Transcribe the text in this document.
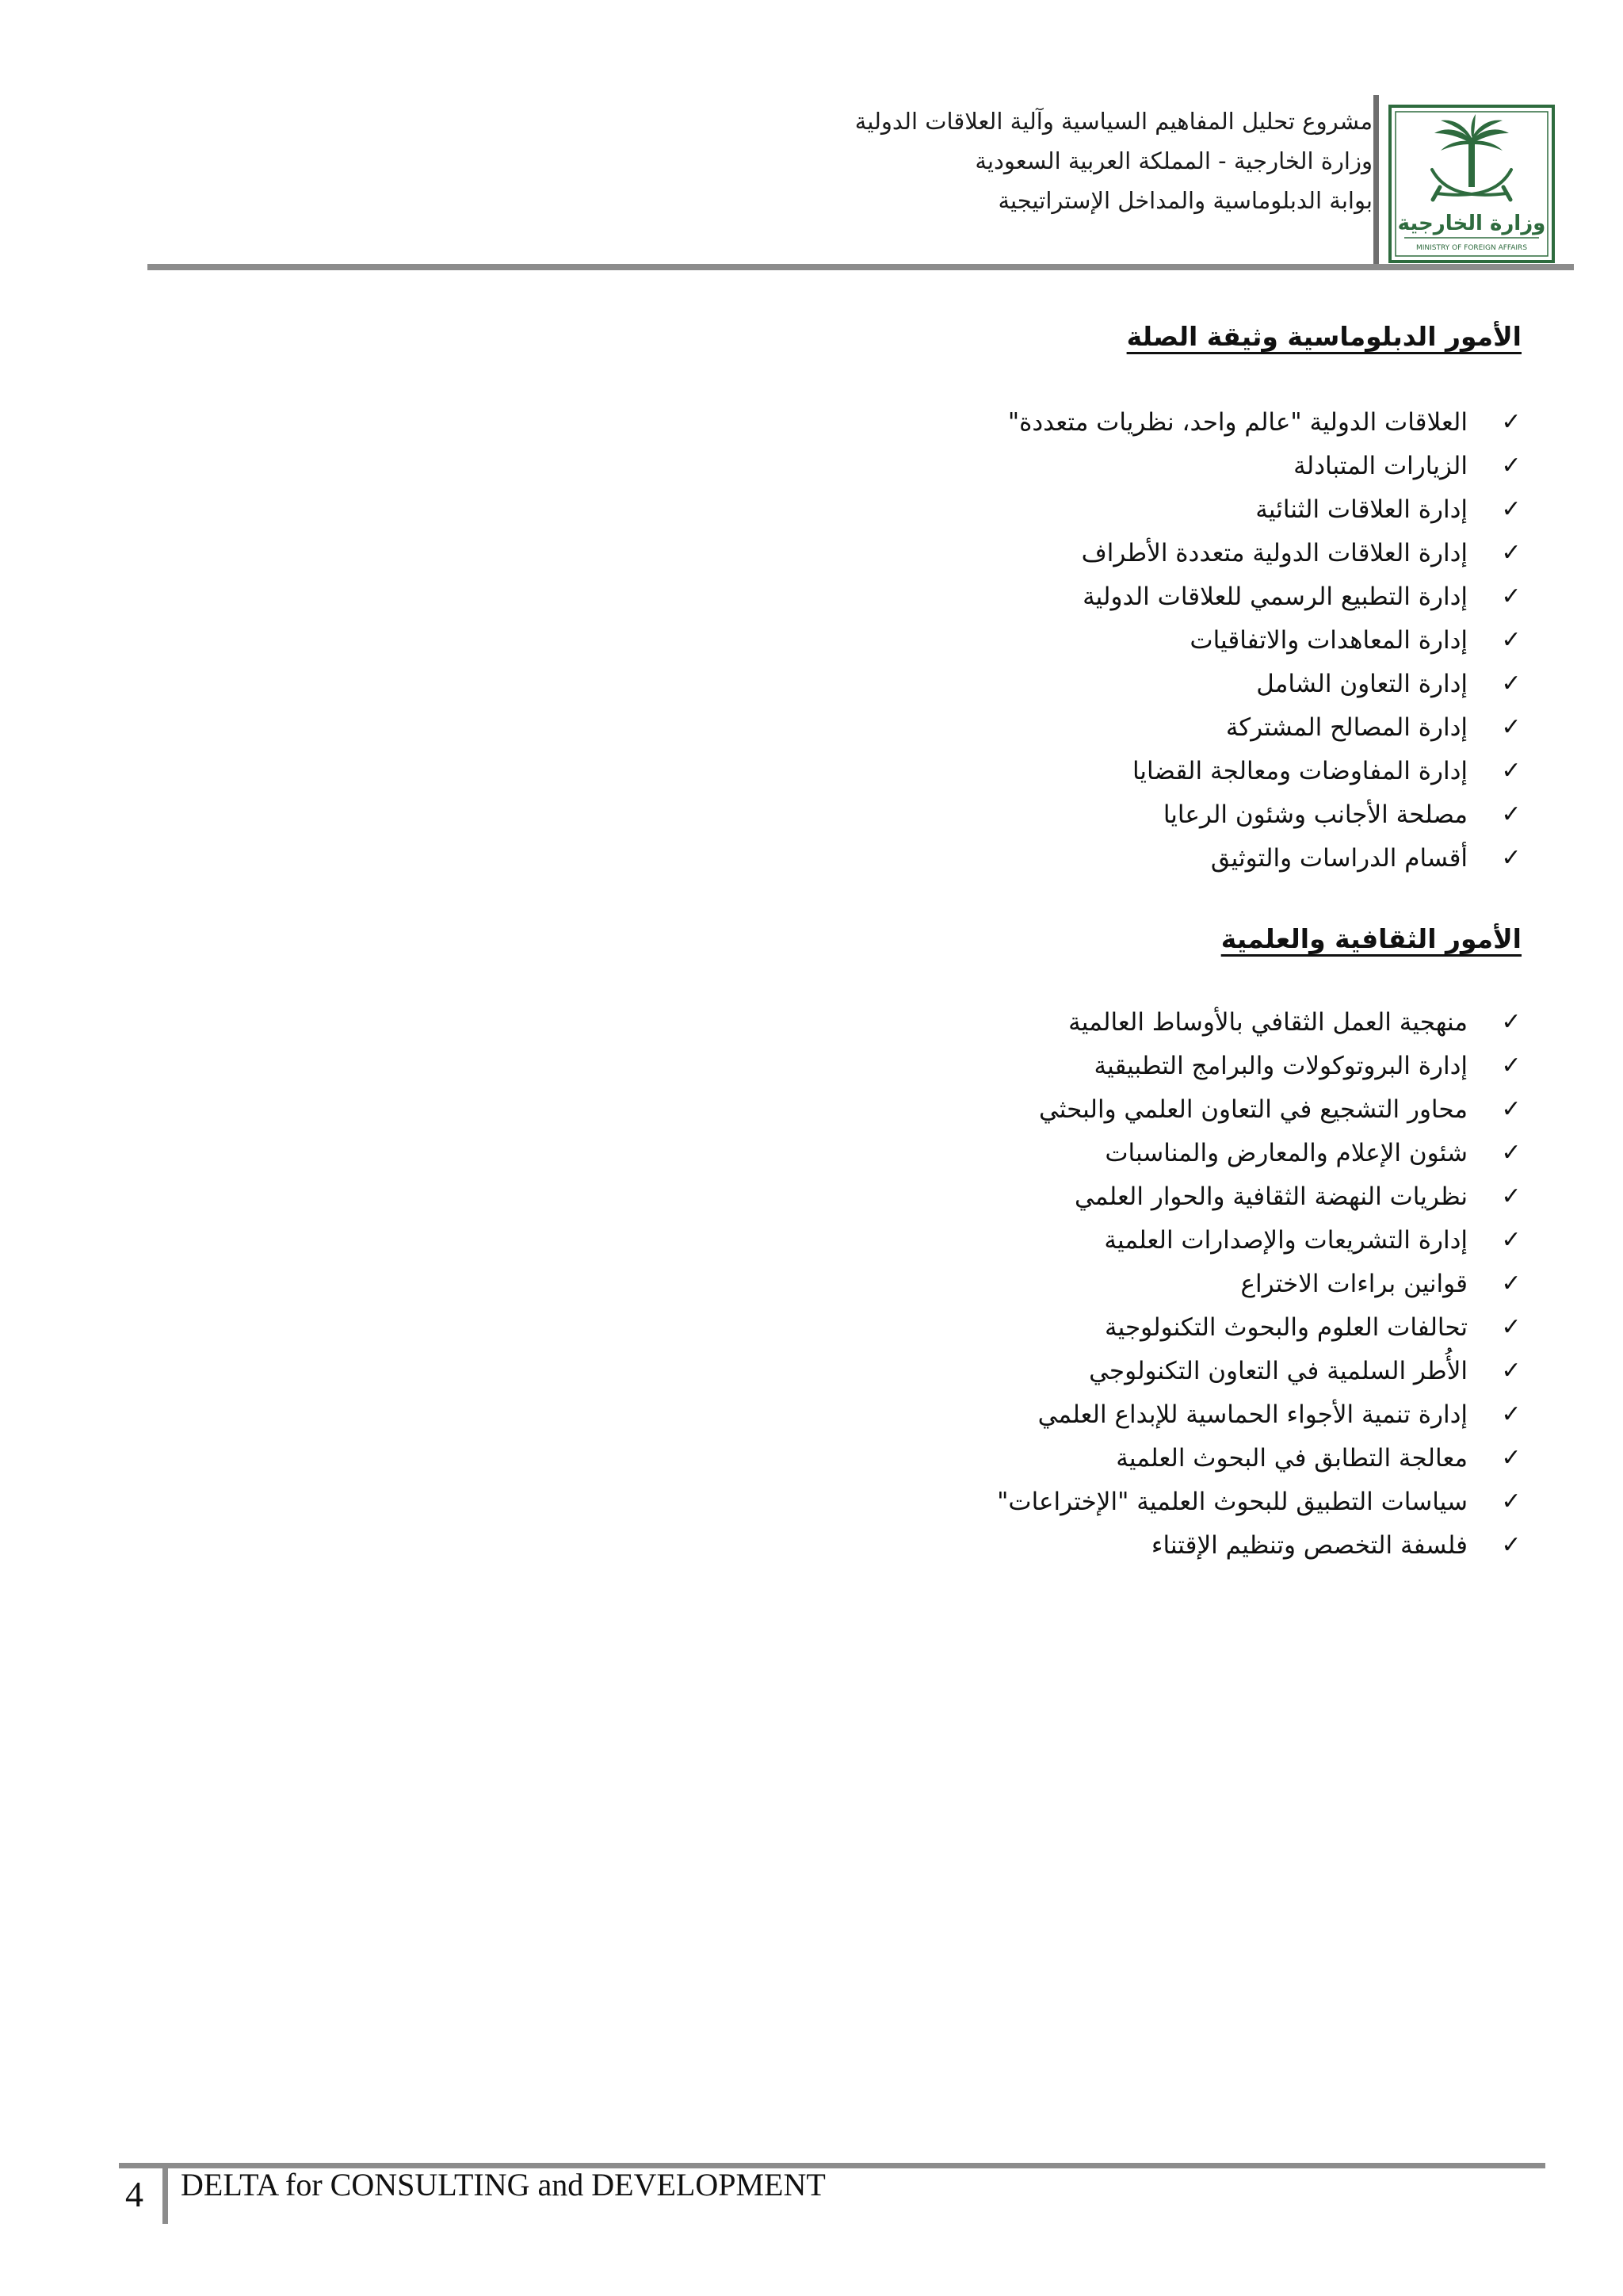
مشروع تحليل المفاهيم السياسية وآلية العلاقات الدولية
وزارة الخارجية - المملكة العربية السعودية
بوابة الدبلوماسية والمداخل الإستراتيجية
وزارة الخارجية
MINISTRY OF FOREIGN AFFAIRS
الأمور الدبلوماسية وثيقة الصلة
✓
العلاقات الدولية "عالم واحد، نظريات متعددة"
✓
الزيارات المتبادلة
✓
إدارة العلاقات الثنائية
✓
إدارة العلاقات الدولية متعددة الأطراف
✓
إدارة التطبيع الرسمي للعلاقات الدولية
✓
إدارة المعاهدات والاتفاقيات
✓
إدارة التعاون الشامل
✓
إدارة المصالح المشتركة
✓
إدارة المفاوضات ومعالجة القضايا
✓
مصلحة الأجانب وشئون الرعايا
✓
أقسام الدراسات والتوثيق
الأمور الثقافية والعلمية
✓
منهجية العمل الثقافي بالأوساط العالمية
✓
إدارة البروتوكولات والبرامج التطبيقية
✓
محاور التشجيع في التعاون العلمي والبحثي
✓
شئون الإعلام والمعارض والمناسبات
✓
نظريات النهضة الثقافية والحوار العلمي
✓
إدارة التشريعات والإصدارات العلمية
✓
قوانين براءات الاختراع
✓
تحالفات العلوم والبحوث التكنولوجية
✓
الأُطر السلمية في التعاون التكنولوجي
✓
إدارة تنمية الأجواء الحماسية للإبداع العلمي
✓
معالجة التطابق في البحوث العلمية
✓
سياسات التطبيق للبحوث العلمية "الإختراعات"
✓
فلسفة التخصص وتنظيم الإقتناء
4 DELTA for CONSULTING and DEVELOPMENT
